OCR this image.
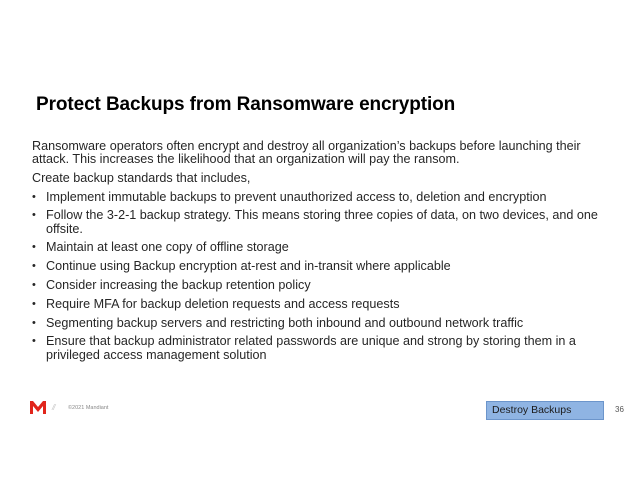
Protect Backups from Ransomware encryption

Ransomware operators often encrypt and destroy all organization’s backups before launching their attack. This increases the likelihood that an organization will pay the ransom.

Create backup standards that includes,

• Implement immutable backups to prevent unauthorized access to, deletion and encryption
• Follow the 3-2-1 backup strategy. This means storing three copies of data, on two devices, and one offsite.
• Maintain at least one copy of offline storage
• Continue using Backup encryption at-rest and in-transit where applicable
• Consider increasing the backup retention policy
• Require MFA for backup deletion requests and access requests
• Segmenting backup servers and restricting both inbound and outbound network traffic
• Ensure that backup administrator related passwords are unique and strong by storing them in a privileged access management solution
// ©2021 Mandiant	Destroy Backups	36
